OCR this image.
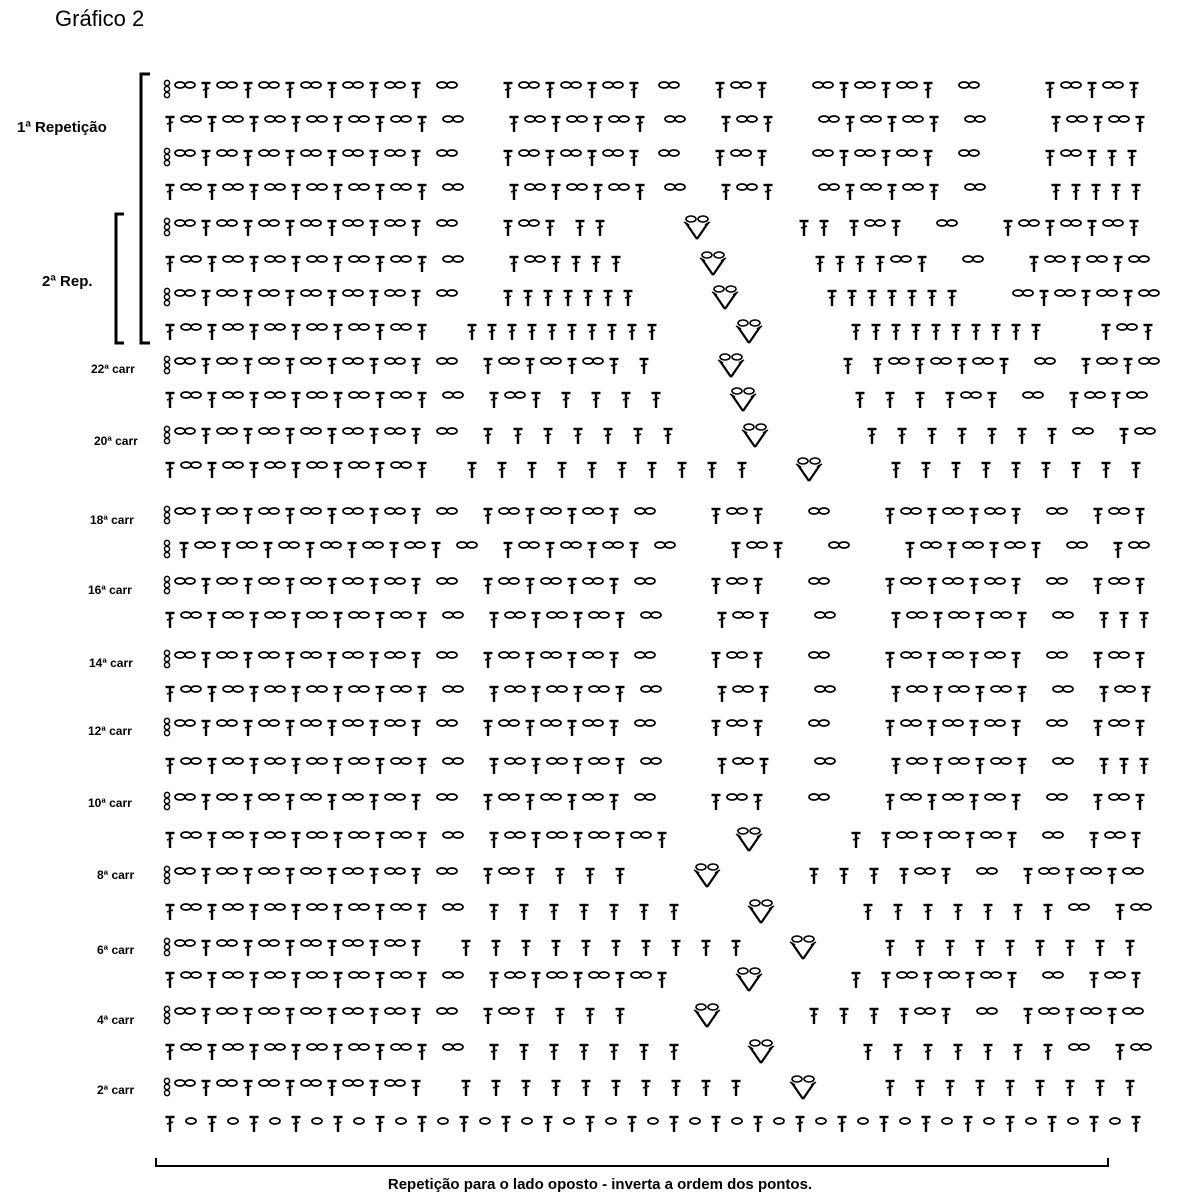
Gráfico 2
1ª Repetição
2ª Rep.
22ª carr
20ª carr
18ª carr
16ª carr
14ª carr
12ª carr
10ª carr
8ª carr
6ª carr
4ª carr
2ª carr
Repetição para o lado oposto - inverta a ordem dos pontos.
